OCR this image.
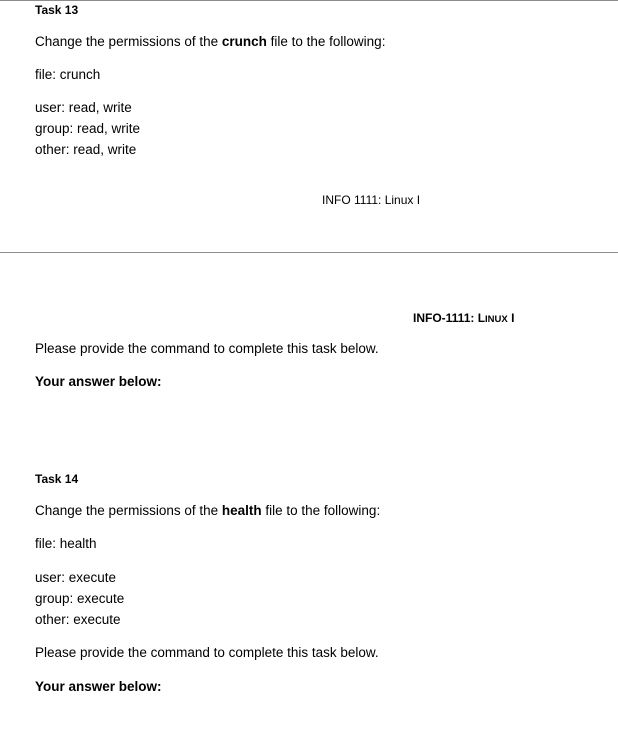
Task 13
Change the permissions of the crunch file to the following:
file: crunch
user: read, write
group: read, write
other: read, write
INFO 1111: Linux I
INFO-1111: LINUX I
Please provide the command to complete this task below.
Your answer below:
Task 14
Change the permissions of the health file to the following:
file: health
user: execute
group: execute
other: execute
Please provide the command to complete this task below.
Your answer below:
